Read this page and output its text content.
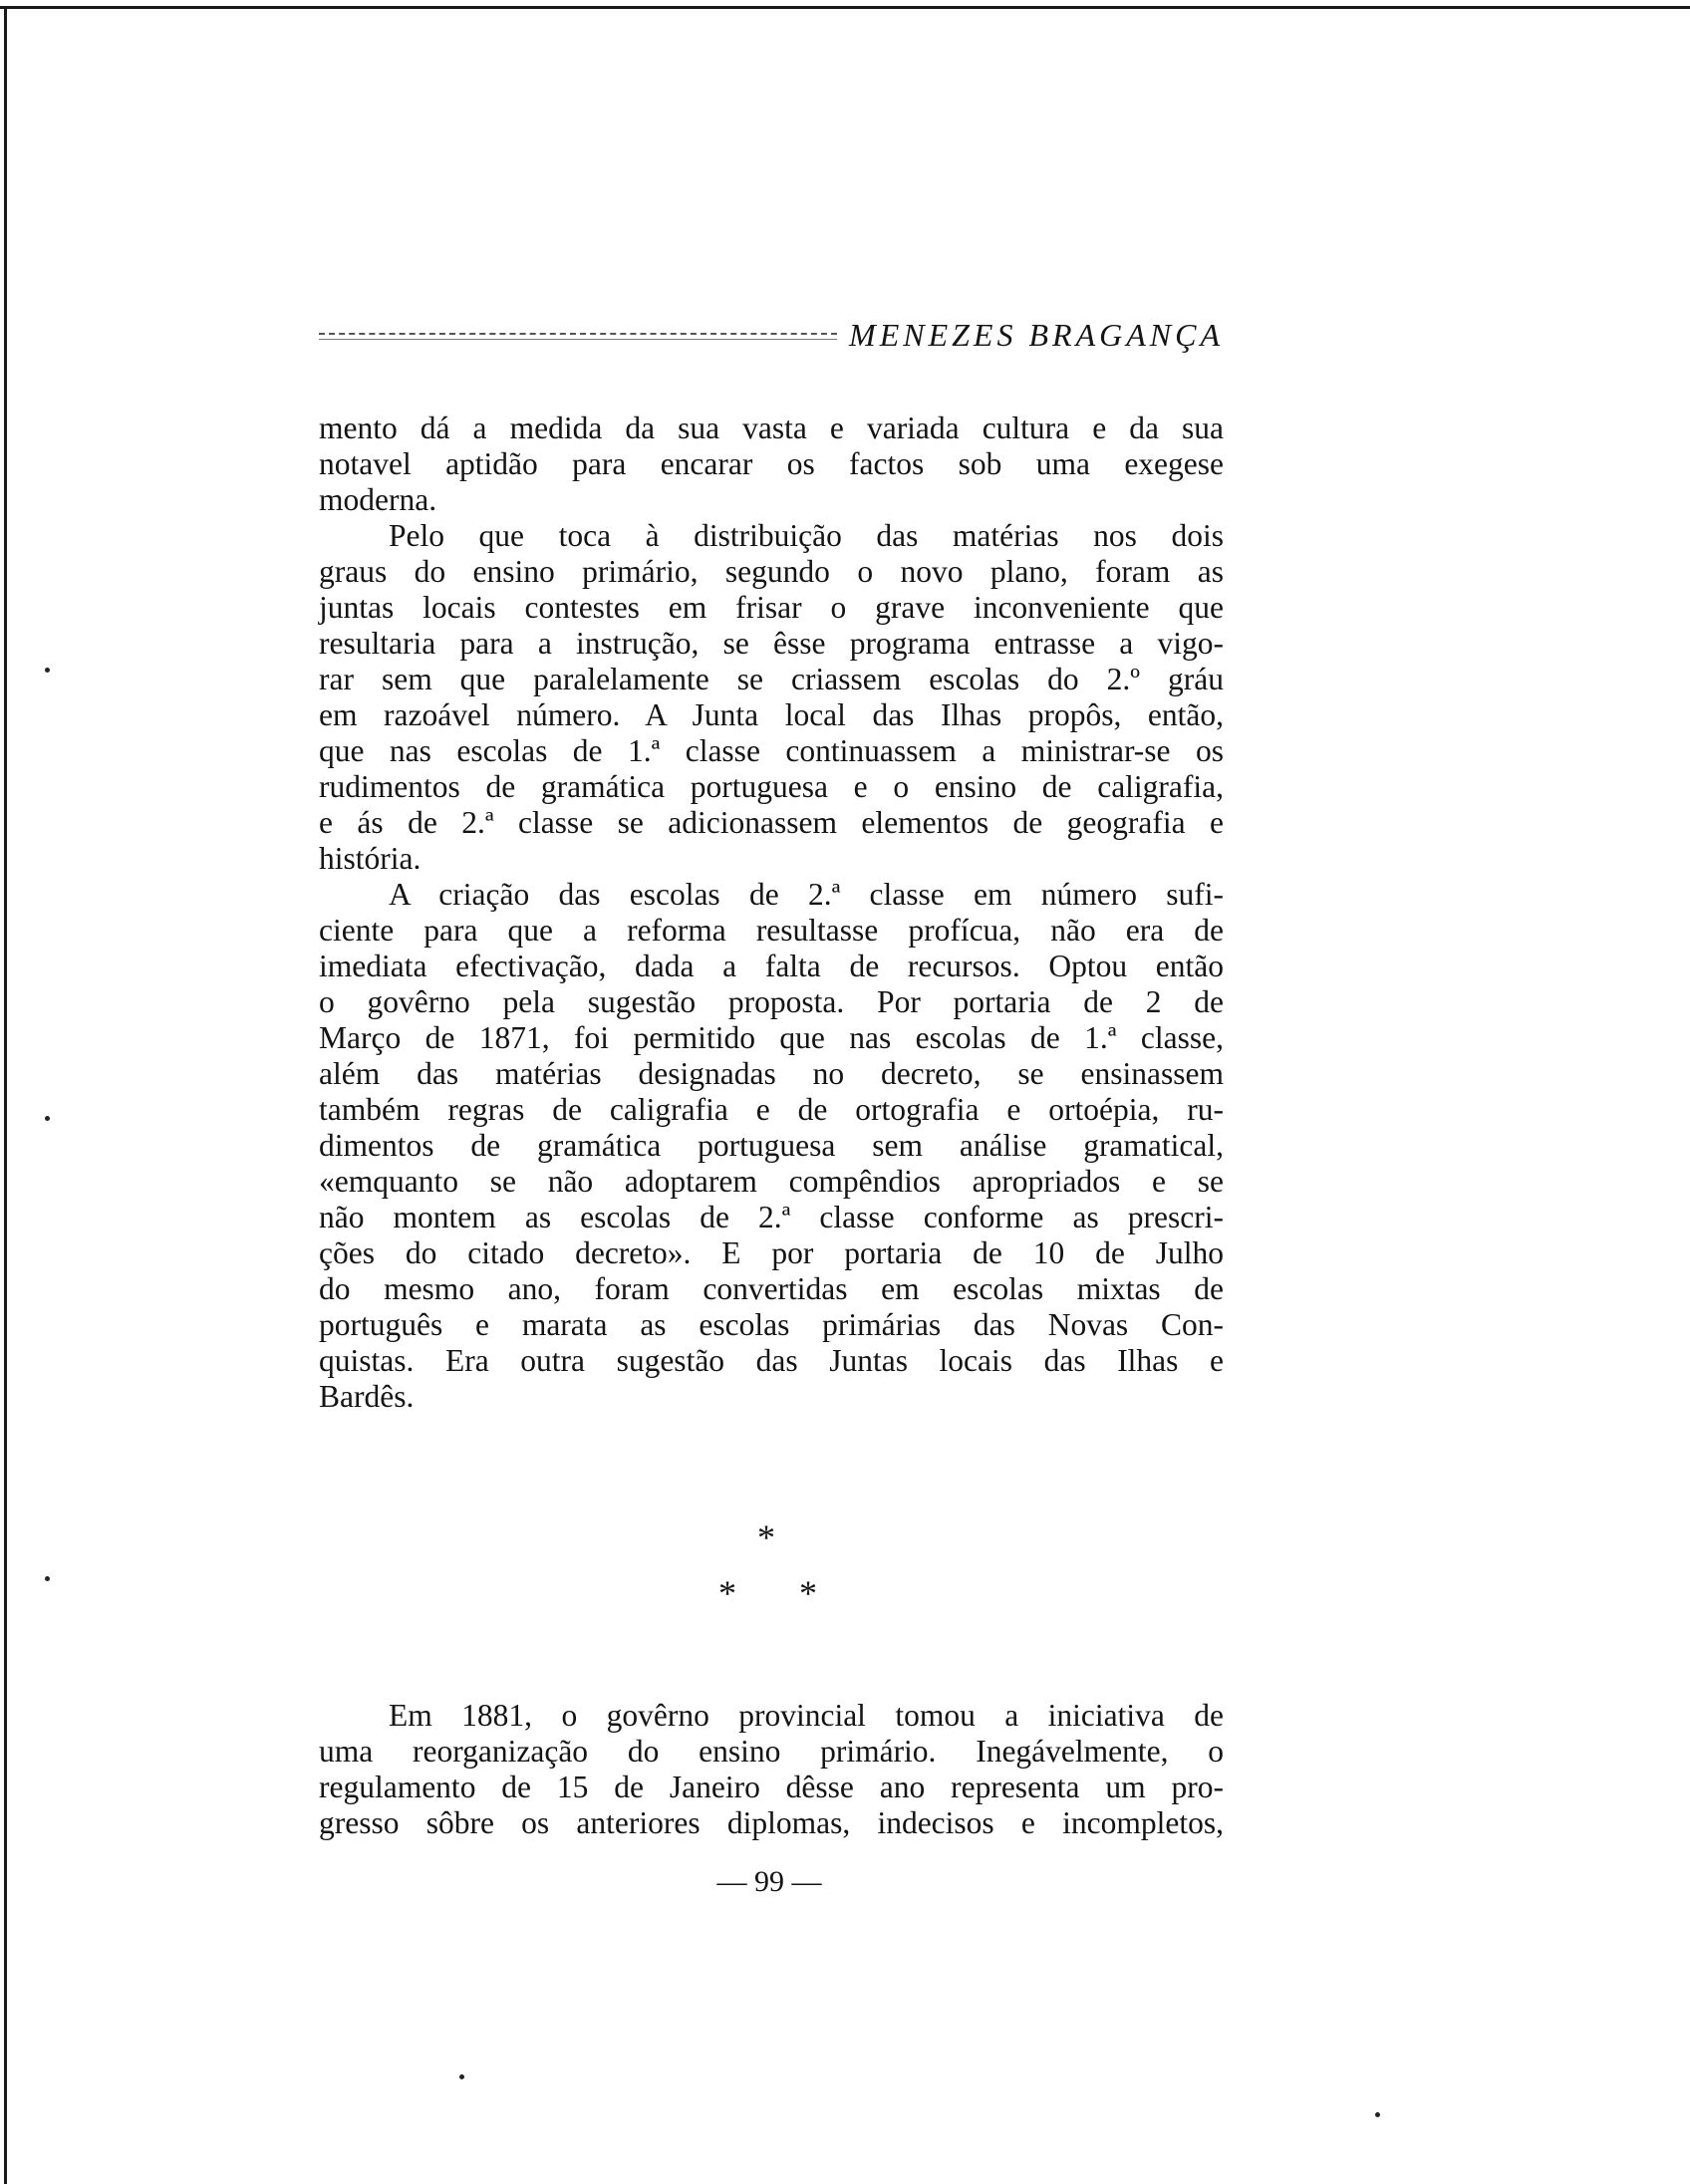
MENEZES BRAGANÇA
mento dá a medida da sua vasta e variada cultura e da sua
notavel aptidão para encarar os factos sob uma exegese
moderna.
Pelo que toca à distribuição das matérias nos dois
graus do ensino primário, segundo o novo plano, foram as
juntas locais contestes em frisar o grave inconveniente que
resultaria para a instrução, se êsse programa entrasse a vigo-
rar sem que paralelamente se criassem escolas do 2.º gráu
em razoável número. A Junta local das Ilhas propôs, então,
que nas escolas de 1.ª classe continuassem a ministrar-se os
rudimentos de gramática portuguesa e o ensino de caligrafia,
e ás de 2.ª classe se adicionassem elementos de geografia e
história.
A criação das escolas de 2.ª classe em número sufi-
ciente para que a reforma resultasse profícua, não era de
imediata efectivação, dada a falta de recursos. Optou então
o govêrno pela sugestão proposta. Por portaria de 2 de
Março de 1871, foi permitido que nas escolas de 1.ª classe,
além das matérias designadas no decreto, se ensinassem
também regras de caligrafia e de ortografia e ortoépia, ru-
dimentos de gramática portuguesa sem análise gramatical,
«emquanto se não adoptarem compêndios apropriados e se
não montem as escolas de 2.ª classe conforme as prescri-
ções do citado decreto». E por portaria de 10 de Julho
do mesmo ano, foram convertidas em escolas mixtas de
português e marata as escolas primárias das Novas Con-
quistas. Era outra sugestão das Juntas locais das Ilhas e
Bardês.
*
* *
Em 1881, o govêrno provincial tomou a iniciativa de
uma reorganização do ensino primário. Inegávelmente, o
regulamento de 15 de Janeiro dêsse ano representa um pro-
gresso sôbre os anteriores diplomas, indecisos e incompletos,
— 99 —
